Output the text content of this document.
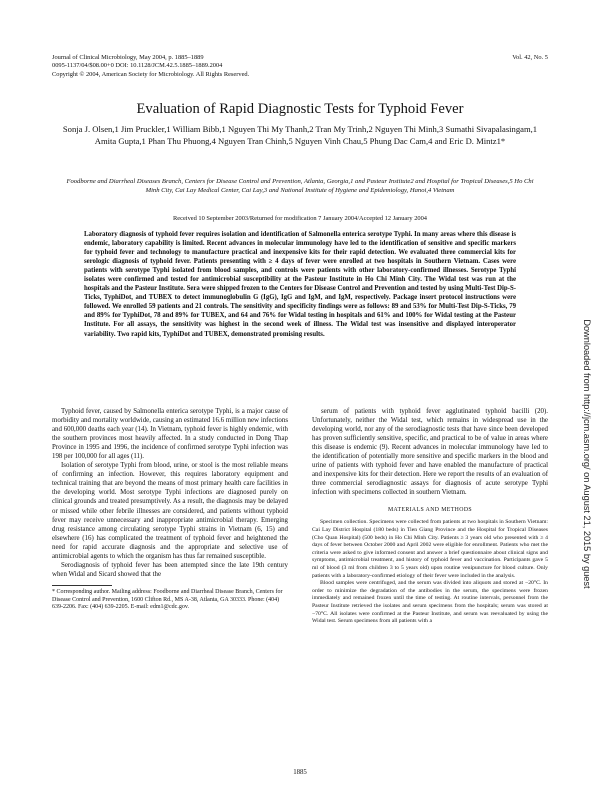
Journal of Clinical Microbiology, May 2004, p. 1885–1889
0095-1137/04/$08.00+0 DOI: 10.1128/JCM.42.5.1885–1889.2004
Copyright © 2004, American Society for Microbiology. All Rights Reserved.
Vol. 42, No. 5
Evaluation of Rapid Diagnostic Tests for Typhoid Fever
Sonja J. Olsen,1 Jim Pruckler,1 William Bibb,1 Nguyen Thi My Thanh,2 Tran My Trinh,2 Nguyen Thi Minh,3 Sumathi Sivapalasingam,1 Amita Gupta,1 Phan Thu Phuong,4 Nguyen Tran Chinh,5 Nguyen Vinh Chau,5 Phung Dac Cam,4 and Eric D. Mintz1*
Foodborne and Diarrheal Diseases Branch, Centers for Disease Control and Prevention, Atlanta, Georgia,1 and Pasteur Institute2 and Hospital for Tropical Diseases,5 Ho Chi Minh City, Cai Lay Medical Center, Cai Lay,3 and National Institute of Hygiene and Epidemiology, Hanoi,4 Vietnam
Received 10 September 2003/Returned for modification 7 January 2004/Accepted 12 January 2004

Laboratory diagnosis of typhoid fever requires isolation and identification of Salmonella enterica serotype Typhi. In many areas where this disease is endemic, laboratory capability is limited. Recent advances in molecular immunology have led to the identification of sensitive and specific markers for typhoid fever and technology to manufacture practical and inexpensive kits for their rapid detection. We evaluated three commercial kits for serologic diagnosis of typhoid fever. Patients presenting with ≥ 4 days of fever were enrolled at two hospitals in Southern Vietnam. Cases were patients with serotype Typhi isolated from blood samples, and controls were patients with other laboratory-confirmed illnesses. Serotype Typhi isolates were confirmed and tested for antimicrobial susceptibility at the Pasteur Institute in Ho Chi Minh City. The Widal test was run at the hospitals and the Pasteur Institute. Sera were shipped frozen to the Centers for Disease Control and Prevention and tested by using Multi-Test Dip-S-Ticks, TyphiDot, and TUBEX to detect immunoglobulin G (IgG), IgG and IgM, and IgM, respectively. Package insert protocol instructions were followed. We enrolled 59 patients and 21 controls. The sensitivity and specificity findings were as follows: 89 and 53% for Multi-Test Dip-S-Ticks, 79 and 89% for TyphiDot, 78 and 89% for TUBEX, and 64 and 76% for Widal testing in hospitals and 61% and 100% for Widal testing at the Pasteur Institute. For all assays, the sensitivity was highest in the second week of illness. The Widal test was insensitive and displayed interoperator variability. Two rapid kits, TyphiDot and TUBEX, demonstrated promising results.

Typhoid fever, caused by Salmonella enterica serotype Typhi, is a major cause of morbidity and mortality worldwide, causing an estimated 16.6 million new infections and 600,000 deaths each year (14). In Vietnam, typhoid fever is highly endemic, with the southern provinces most heavily affected. In a study conducted in Dong Thap Province in 1995 and 1996, the incidence of confirmed serotype Typhi infection was 198 per 100,000 for all ages (11).

Isolation of serotype Typhi from blood, urine, or stool is the most reliable means of confirming an infection. However, this requires laboratory equipment and technical training that are beyond the means of most primary health care facilities in the developing world. Most serotype Typhi infections are diagnosed purely on clinical grounds and treated presumptively. As a result, the diagnosis may be delayed or missed while other febrile illnesses are considered, and patients without typhoid fever may receive unnecessary and inappropriate antimicrobial therapy. Emerging drug resistance among circulating serotype Typhi strains in Vietnam (6, 15) and elsewhere (16) has complicated the treatment of typhoid fever and heightened the need for rapid accurate diagnosis and the appropriate and selective use of antimicrobial agents to which the organism has thus far remained susceptible.

Serodiagnosis of typhoid fever has been attempted since the late 19th century when Widal and Sicard showed that the

* Corresponding author. Mailing address: Foodborne and Diarrheal Disease Branch, Centers for Disease Control and Prevention, 1600 Clifton Rd., MS A-38, Atlanta, GA 30333. Phone: (404) 639-2206. Fax: (404) 639-2205. E-mail: edm1@cdc.gov.

serum of patients with typhoid fever agglutinated typhoid bacilli (20). Unfortunately, neither the Widal test, which remains in widespread use in the developing world, nor any of the serodiagnostic tests that have since been developed has proven sufficiently sensitive, specific, and practical to be of value in areas where this disease is endemic (9). Recent advances in molecular immunology have led to the identification of potentially more sensitive and specific markers in the blood and urine of patients with typhoid fever and have enabled the manufacture of practical and inexpensive kits for their detection. Here we report the results of an evaluation of three commercial serodiagnostic assays for diagnosis of acute serotype Typhi infection with specimens collected in southern Vietnam.

MATERIALS AND METHODS

Specimen collection. Specimens were collected from patients at two hospitals in Southern Vietnam: Cai Lay District Hospital (180 beds) in Tien Giang Province and the Hospital for Tropical Diseases (Cho Quan Hospital) (500 beds) in Ho Chi Minh City. Patients ≥ 3 years old who presented with ≥ 4 days of fever between October 2000 and April 2002 were eligible for enrollment. Patients who met the criteria were asked to give informed consent and answer a brief questionnaire about clinical signs and symptoms, antimicrobial treatment, and history of typhoid fever and vaccination. Participants gave 5 ml of blood (3 ml from children 3 to 5 years old) upon routine venipuncture for blood culture. Only patients with a laboratory-confirmed etiology of their fever were included in the analysis.

Blood samples were centrifuged, and the serum was divided into aliquots and stored at −20°C. In order to minimize the degradation of the antibodies in the serum, the specimens were frozen immediately and remained frozen until the time of testing. At routine intervals, personnel from the Pasteur Institute retrieved the isolates and serum specimens from the hospitals; serum was stored at −70°C. All isolates were confirmed at the Pasteur Institute, and serum was reevaluated by using the Widal test. Serum specimens from all patients with a

Downloaded from http://jcm.asm.org/ on August 21, 2015 by guest
1885
